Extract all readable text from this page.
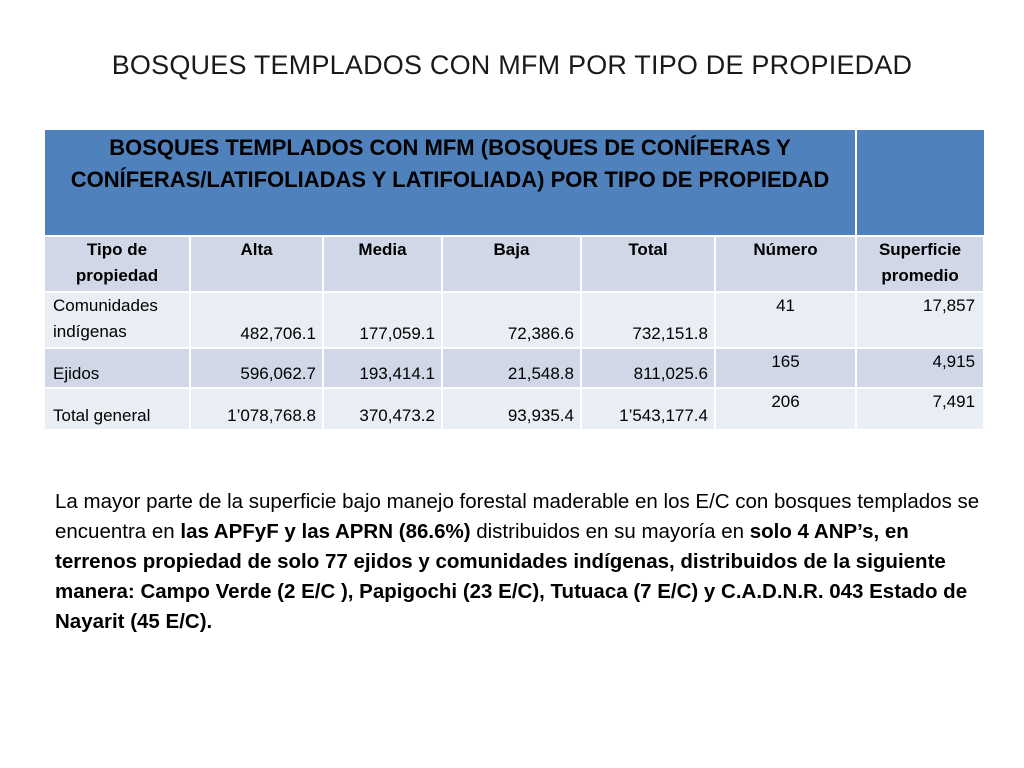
BOSQUES TEMPLADOS CON MFM POR TIPO DE PROPIEDAD
BOSQUES TEMPLADOS CON MFM (BOSQUES DE CONÍFERAS Y CONÍFERAS/LATIFOLIADAS Y LATIFOLIADA) POR TIPO DE PROPIEDAD						
Tipo de propiedad	Alta	Media	Baja	Total	Número	Superficie promedio
Comunidades indígenas	482,706.1	177,059.1	72,386.6	732,151.8	41	17,857
Ejidos	596,062.7	193,414.1	21,548.8	811,025.6	165	4,915
Total general	1’078,768.8	370,473.2	93,935.4	1’543,177.4	206	7,491
La mayor parte de la superficie bajo manejo forestal maderable en los E/C con bosques templados se encuentra en las APFyF y las APRN (86.6%) distribuidos en su mayoría en solo 4 ANP’s, en terrenos propiedad de solo 77 ejidos y comunidades indígenas, distribuidos de la siguiente manera: Campo Verde (2 E/C ), Papigochi (23 E/C), Tutuaca (7 E/C) y C.A.D.N.R. 043 Estado de Nayarit (45 E/C).
